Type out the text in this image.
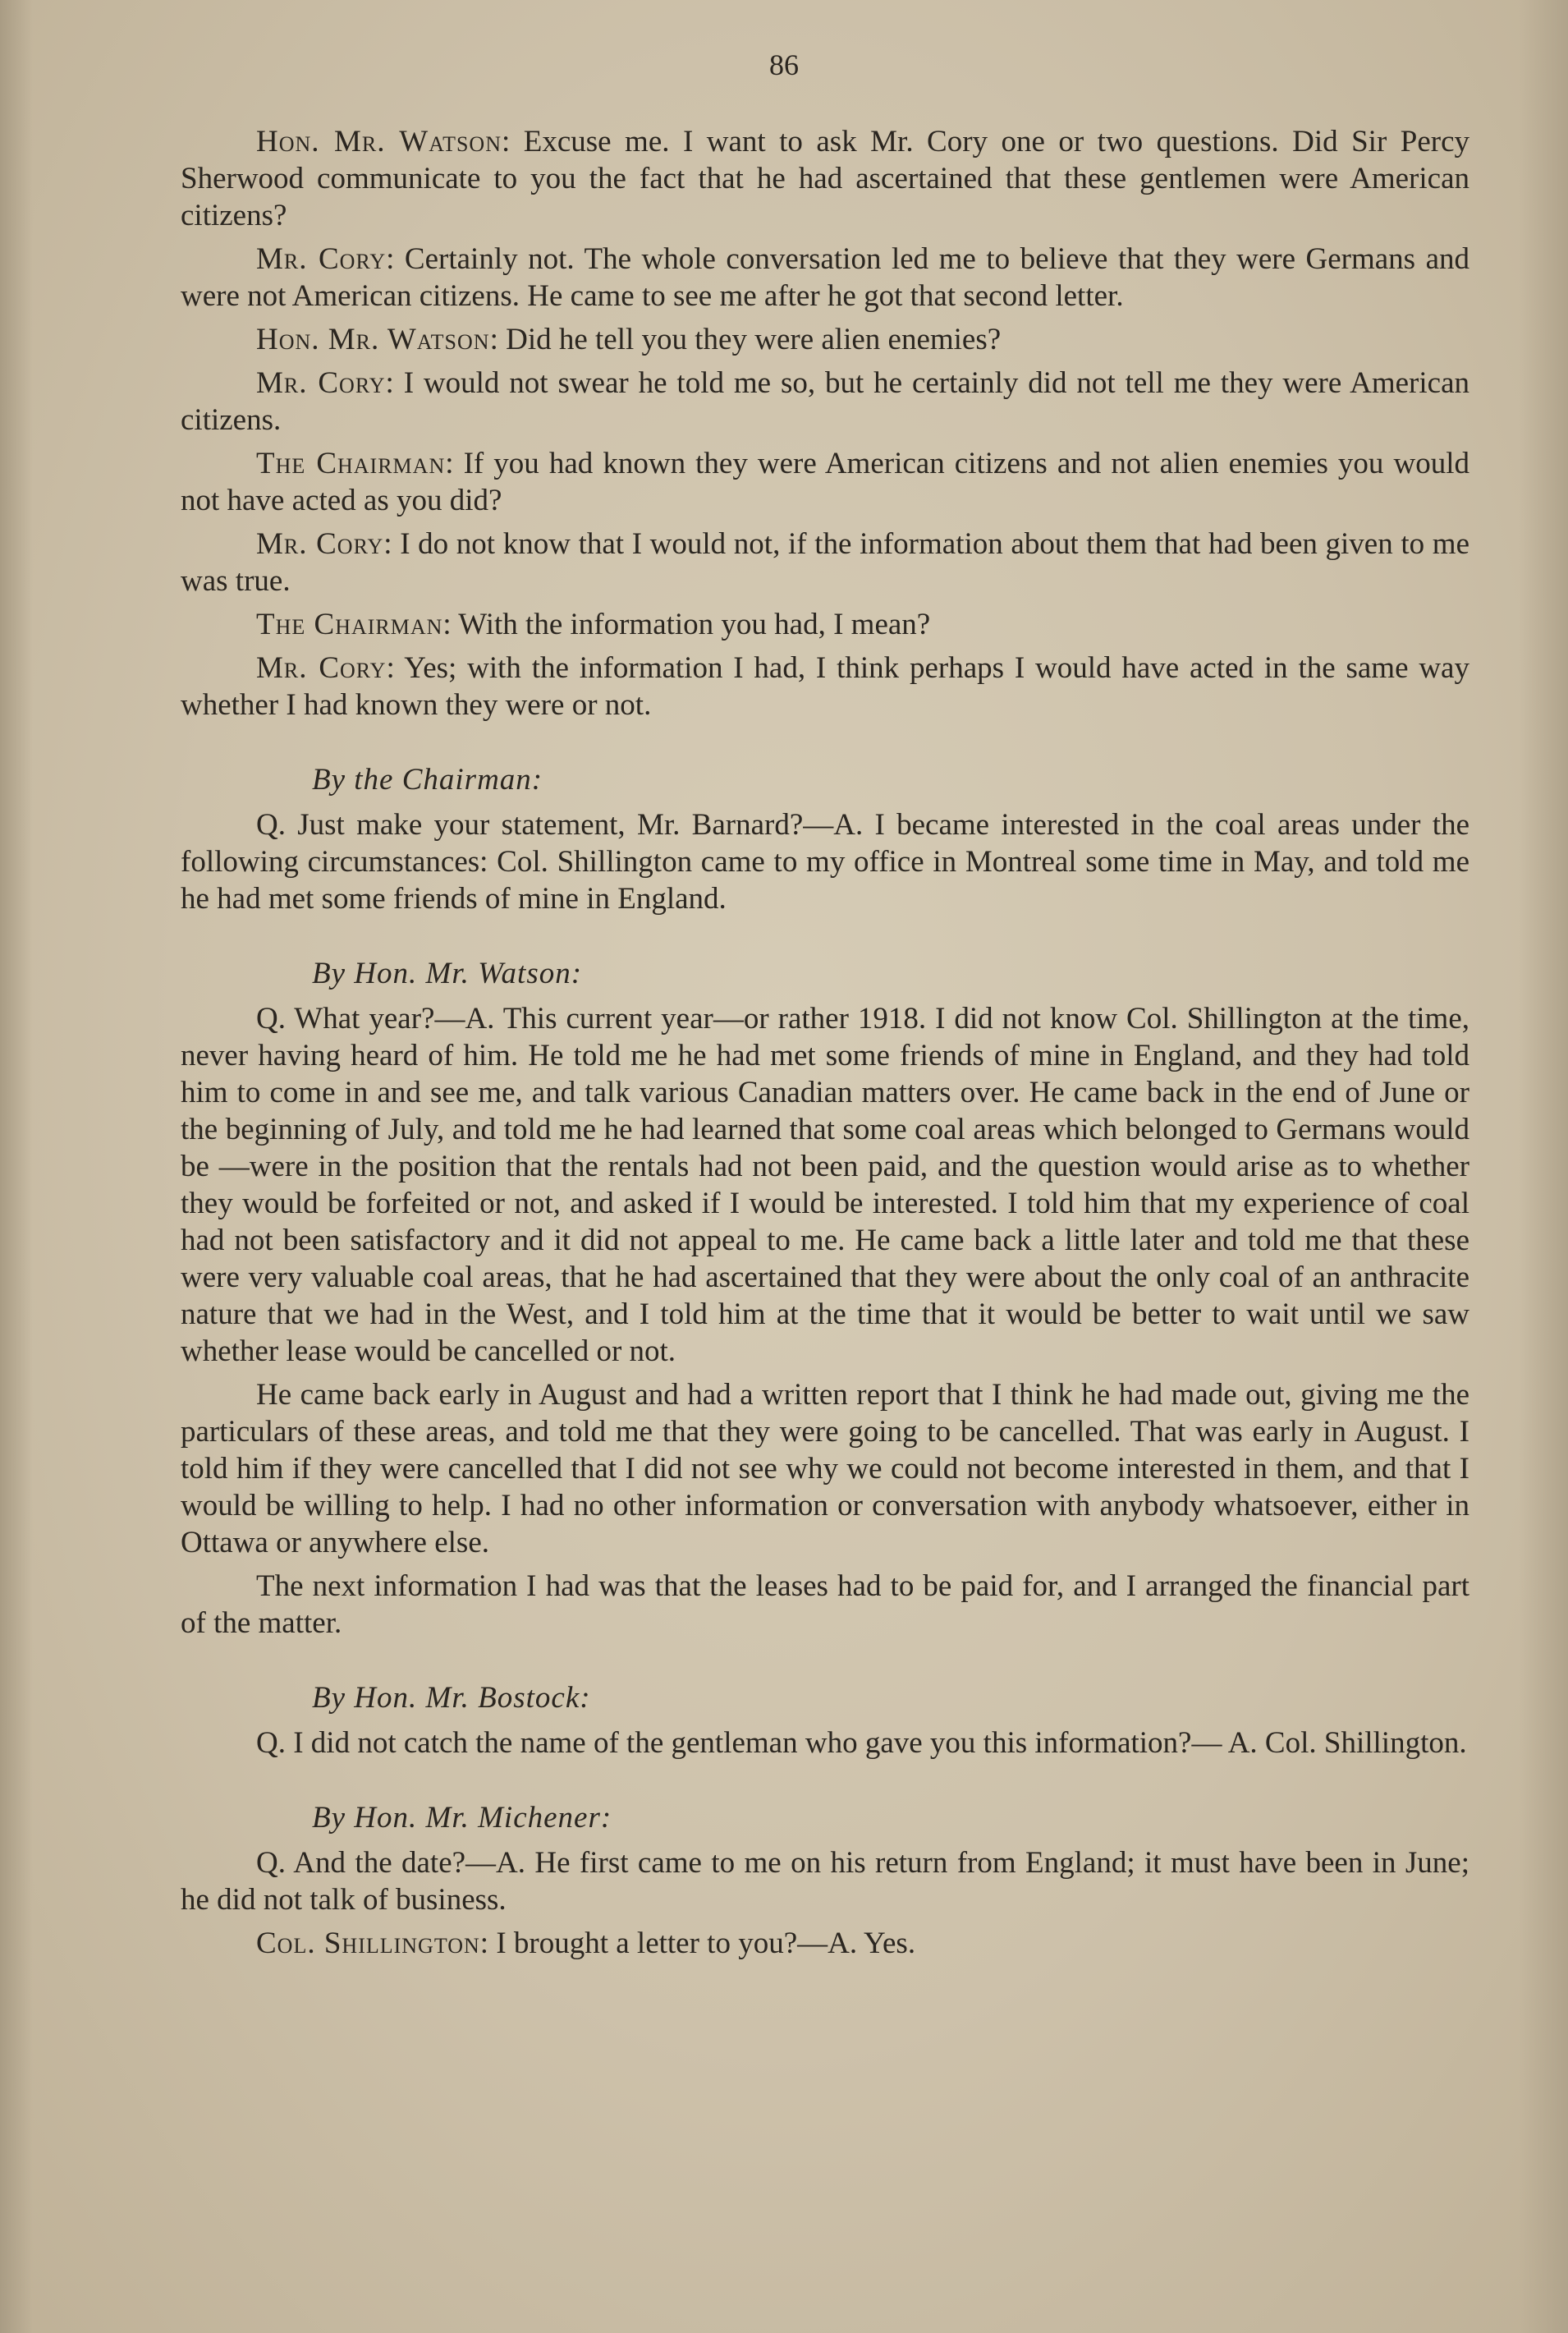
86

Hon. Mr. Watson: Excuse me. I want to ask Mr. Cory one or two questions. Did Sir Percy Sherwood communicate to you the fact that he had ascertained that these gentlemen were American citizens?

Mr. Cory: Certainly not. The whole conversation led me to believe that they were Germans and were not American citizens. He came to see me after he got that second letter.

Hon. Mr. Watson: Did he tell you they were alien enemies?

Mr. Cory: I would not swear he told me so, but he certainly did not tell me they were American citizens.

The Chairman: If you had known they were American citizens and not alien enemies you would not have acted as you did?

Mr. Cory: I do not know that I would not, if the information about them that had been given to me was true.

The Chairman: With the information you had, I mean?

Mr. Cory: Yes; with the information I had, I think perhaps I would have acted in the same way whether I had known they were or not.

By the Chairman:

Q. Just make your statement, Mr. Barnard?—A. I became interested in the coal areas under the following circumstances: Col. Shillington came to my office in Montreal some time in May, and told me he had met some friends of mine in England.

By Hon. Mr. Watson:

Q. What year?—A. This current year—or rather 1918. I did not know Col. Shillington at the time, never having heard of him. He told me he had met some friends of mine in England, and they had told him to come in and see me, and talk various Canadian matters over. He came back in the end of June or the beginning of July, and told me he had learned that some coal areas which belonged to Germans would be —were in the position that the rentals had not been paid, and the question would arise as to whether they would be forfeited or not, and asked if I would be interested. I told him that my experience of coal had not been satisfactory and it did not appeal to me. He came back a little later and told me that these were very valuable coal areas, that he had ascertained that they were about the only coal of an anthracite nature that we had in the West, and I told him at the time that it would be better to wait until we saw whether lease would be cancelled or not.

He came back early in August and had a written report that I think he had made out, giving me the particulars of these areas, and told me that they were going to be cancelled. That was early in August. I told him if they were cancelled that I did not see why we could not become interested in them, and that I would be willing to help. I had no other information or conversation with anybody whatsoever, either in Ottawa or anywhere else.

The next information I had was that the leases had to be paid for, and I arranged the financial part of the matter.

By Hon. Mr. Bostock:

Q. I did not catch the name of the gentleman who gave you this information?— A. Col. Shillington.

By Hon. Mr. Michener:

Q. And the date?—A. He first came to me on his return from England; it must have been in June; he did not talk of business.

Col. Shillington: I brought a letter to you?—A. Yes.
